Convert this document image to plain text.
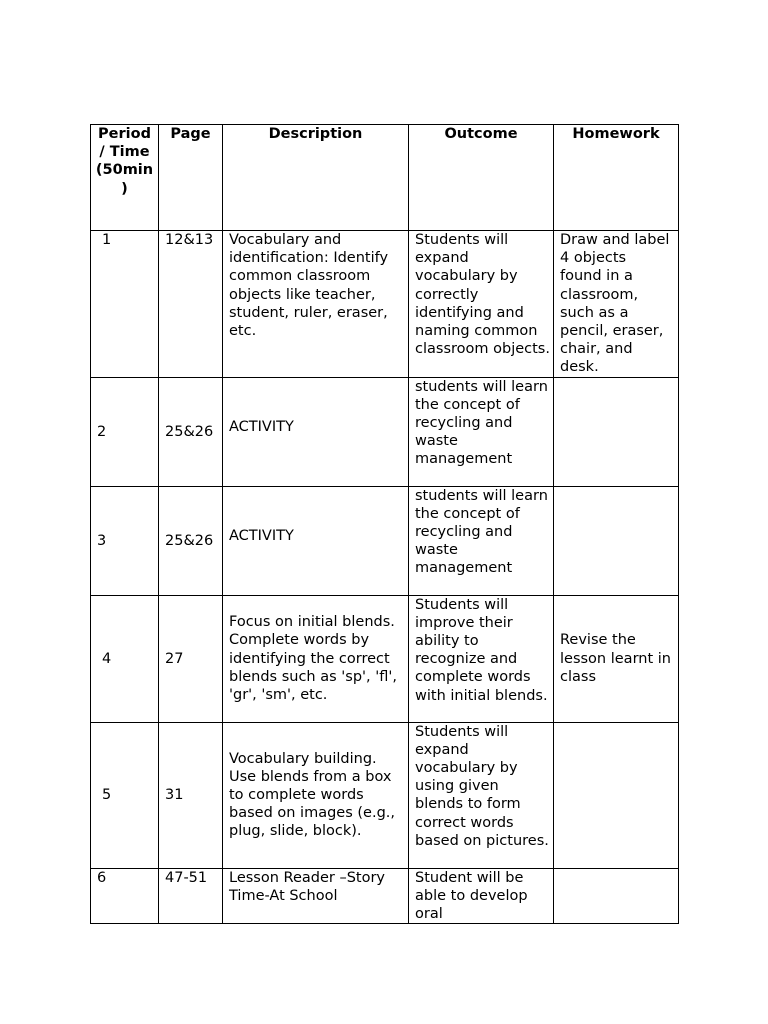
Period / Time (50min)	Page	Description	Outcome	Homework

1	12&13	Vocabulary and identification: Identify common classroom objects like teacher, student, ruler, eraser, etc.	Students will expand vocabulary by correctly identifying and naming common classroom objects.	Draw and label 4 objects found in a classroom, such as a pencil, eraser, chair, and desk.
2	25&26	ACTIVITY	students will learn the concept of recycling and waste management	
3	25&26	ACTIVITY	students will learn the concept of recycling and waste management	
4	27	Focus on initial blends. Complete words by identifying the correct blends such as 'sp', 'fl', 'gr', 'sm', etc.	Students will improve their ability to recognize and complete words with initial blends.	Revise the lesson learnt in class
5	31	Vocabulary building. Use blends from a box to complete words based on images (e.g., plug, slide, block).	Students will expand vocabulary by using given blends to form correct words based on pictures.	
6	47-51	Lesson Reader –Story Time-At School	Student will be able to develop oral	
